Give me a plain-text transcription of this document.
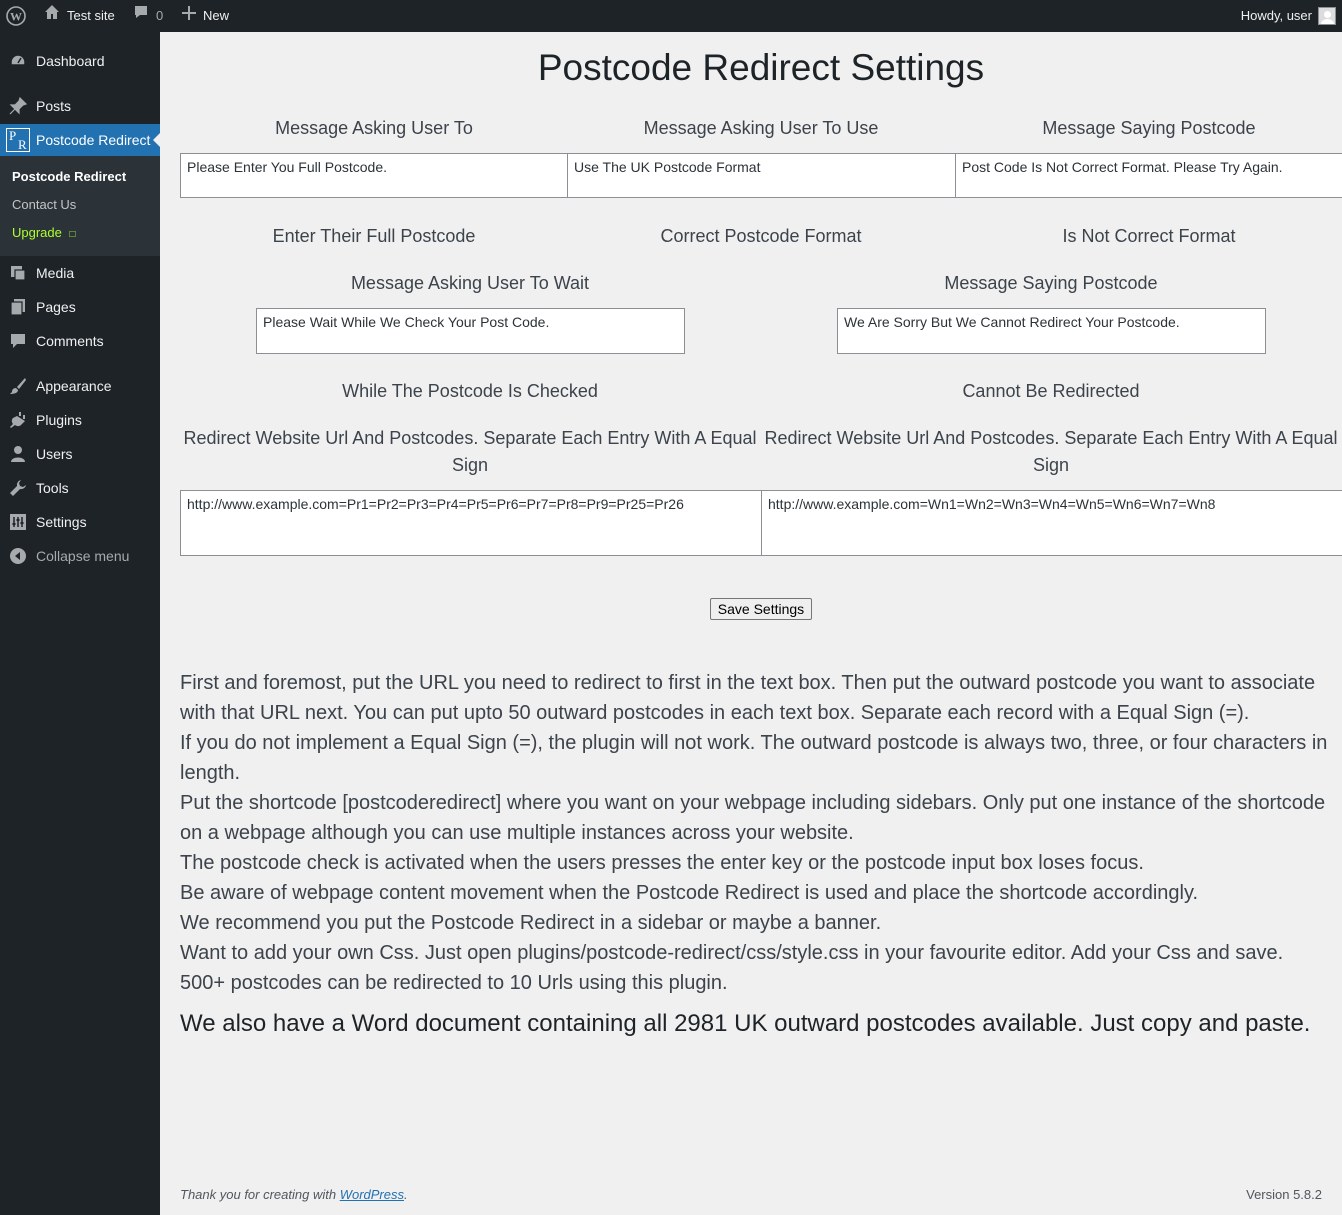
W	Test site	0	New	Howdy, user
Dashboard
Posts
P
R Postcode Redirect
Postcode Redirect
Contact Us
Upgrade □
Media
Pages
Comments
Appearance
Plugins
Users
Tools
Settings
Collapse menu
Postcode Redirect Settings
Message Asking User To	Message Asking User To Use	Message Saying Postcode
Please Enter You Full Postcode.	Use The UK Postcode Format	Post Code Is Not Correct Format. Please Try Again.
Enter Their Full Postcode	Correct Postcode Format	Is Not Correct Format
Message Asking User To Wait	Message Saying Postcode
Please Wait While We Check Your Post Code.	We Are Sorry But We Cannot Redirect Your Postcode.
While The Postcode Is Checked	Cannot Be Redirected
Redirect Website Url And Postcodes. Separate Each Entry With A Equal Sign
Redirect Website Url And Postcodes. Separate Each Entry With A Equal Sign
http://www.example.com=Pr1=Pr2=Pr3=Pr4=Pr5=Pr6=Pr7=Pr8=Pr9=Pr25=Pr26	http://www.example.com=Wn1=Wn2=Wn3=Wn4=Wn5=Wn6=Wn7=Wn8
Save Settings

First and foremost, put the URL you need to redirect to first in the text box. Then put the outward postcode you want to associate with that URL next. You can put upto 50 outward postcodes in each text box. Separate each record with a Equal Sign (=).

If you do not implement a Equal Sign (=), the plugin will not work. The outward postcode is always two, three, or four characters in length.

Put the shortcode [postcoderedirect] where you want on your webpage including sidebars. Only put one instance of the shortcode on a webpage although you can use multiple instances across your website.

The postcode check is activated when the users presses the enter key or the postcode input box loses focus.

Be aware of webpage content movement when the Postcode Redirect is used and place the shortcode accordingly.

We recommend you put the Postcode Redirect in a sidebar or maybe a banner.

Want to add your own Css. Just open plugins/postcode-redirect/css/style.css in your favourite editor. Add your Css and save.

500+ postcodes can be redirected to 10 Urls using this plugin.

We also have a Word document containing all 2981 UK outward postcodes available. Just copy and paste.
Thank you for creating with WordPress.	Version 5.8.2
